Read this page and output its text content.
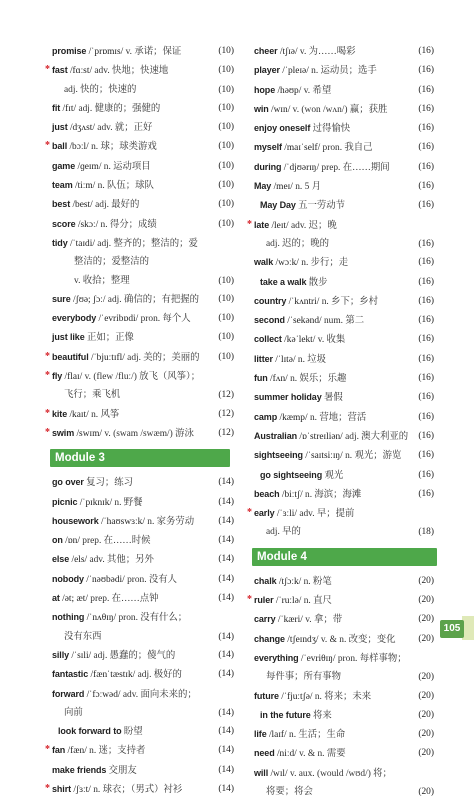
promise /ˈprɒmɪs/ v. 承诺；保证	(10)
* fast /fɑːst/ adv. 快地；快速地	(10)
adj. 快的；快速的	(10)
fit /fɪt/ adj. 健康的；强健的	(10)
just /dʒʌst/ adv. 就；正好	(10)
* ball /bɔːl/ n. 球；球类游戏	(10)
game /ɡeɪm/ n. 运动项目	(10)
team /tiːm/ n. 队伍；球队	(10)
best /best/ adj. 最好的	(10)
score /skɔː/ n. 得分；成绩	(10)
tidy /ˈtaɪdi/ adj. 整齐的；整洁的；爱
整洁的；爱整洁的
v. 收拾；整理	(10)
sure /ʃʊə; ʃɔː/ adj. 确信的；有把握的 (10)
everybody /ˈevribɒdi/ pron. 每个人	(10)
just like 正如；正像	(10)
* beautiful /ˈbjuːtɪfl/ adj. 美的；美丽的 (10)
* fly /flaɪ/ v. (flew /fluː/) 放飞（风筝）；
飞行；乘飞机	(12)
* kite /kaɪt/ n. 风筝	(12)
* swim /swɪm/ v. (swam /swæm/) 游泳	(12)
Module 3
go over 复习；练习	(14)
picnic /ˈpɪknɪk/ n. 野餐	(14)
housework /ˈhaʊswɜːk/ n. 家务劳动	(14)
on /ɒn/ prep. 在……时候	(14)
else /els/ adv. 其他；另外	(14)
nobody /ˈnəʊbədi/ pron. 没有人	(14)
at /ət; æt/ prep. 在……点钟	(14)
nothing /ˈnʌθɪŋ/ pron. 没有什么；
没有东西	(14)
silly /ˈsɪli/ adj. 愚蠢的；傻气的	(14)
fantastic /fænˈtæstɪk/ adj. 极好的	(14)
forward /ˈfɔːwəd/ adv. 面向未来的；
向前	(14)
look forward to 盼望	(14)
* fan /fæn/ n. 迷；支持者	(14)
make friends 交朋友	(14)
* shirt /ʃɜːt/ n. 球衣；（男式）衬衫	(14)
cheer /tʃɪə/ v. 为……喝彩	(16)
player /ˈpleɪə/ n. 运动员；选手	(16)
hope /həʊp/ v. 希望	(16)
win /wɪn/ v. (won /wʌn/) 赢；获胜	(16)
enjoy oneself 过得愉快	(16)
myself /maɪˈself/ pron. 我自己	(16)
during /ˈdjʊərɪŋ/ prep. 在……期间	(16)
May /meɪ/ n. 5 月	(16)
May Day 五一劳动节	(16)
* late /leɪt/ adv. 迟；晚
adj. 迟的；晚的	(16)
walk /wɔːk/ n. 步行；走	(16)
take a walk 散步	(16)
country /ˈkʌntri/ n. 乡下；乡村	(16)
second /ˈsekənd/ num. 第二	(16)
collect /kəˈlekt/ v. 收集	(16)
litter /ˈlɪtə/ n. 垃圾	(16)
fun /fʌn/ n. 娱乐；乐趣	(16)
summer holiday 暑假	(16)
camp /kæmp/ n. 营地；营活	(16)
Australian /ɒˈstreɪliən/ adj. 澳大利亚的 (16)
sightseeing /ˈsaɪtsiːɪŋ/ n. 观光；游览 (16)
go sightseeing 观光	(16)
beach /biːtʃ/ n. 海滨；海滩	(16)
* early /ˈɜːli/ adv. 早；提前
adj. 早的	(18)
Module 4
chalk /tʃɔːk/ n. 粉笔	(20)
* ruler /ˈruːlə/ n. 直尺	(20)
carry /ˈkæri/ v. 拿；带	(20)
change /tʃeɪndʒ/ v. & n. 改变；变化 (20)
everything /ˈevriθɪŋ/ pron. 每样事物；
每件事；所有事物	(20)
future /ˈfjuːtʃə/ n. 将来；未来	(20)
in the future 将来	(20)
life /laɪf/ n. 生活；生命	(20)
need /niːd/ v. & n. 需要	(20)
will /wɪl/ v. aux. (would /wʊd/) 将；
将要；将会	(20)
105
